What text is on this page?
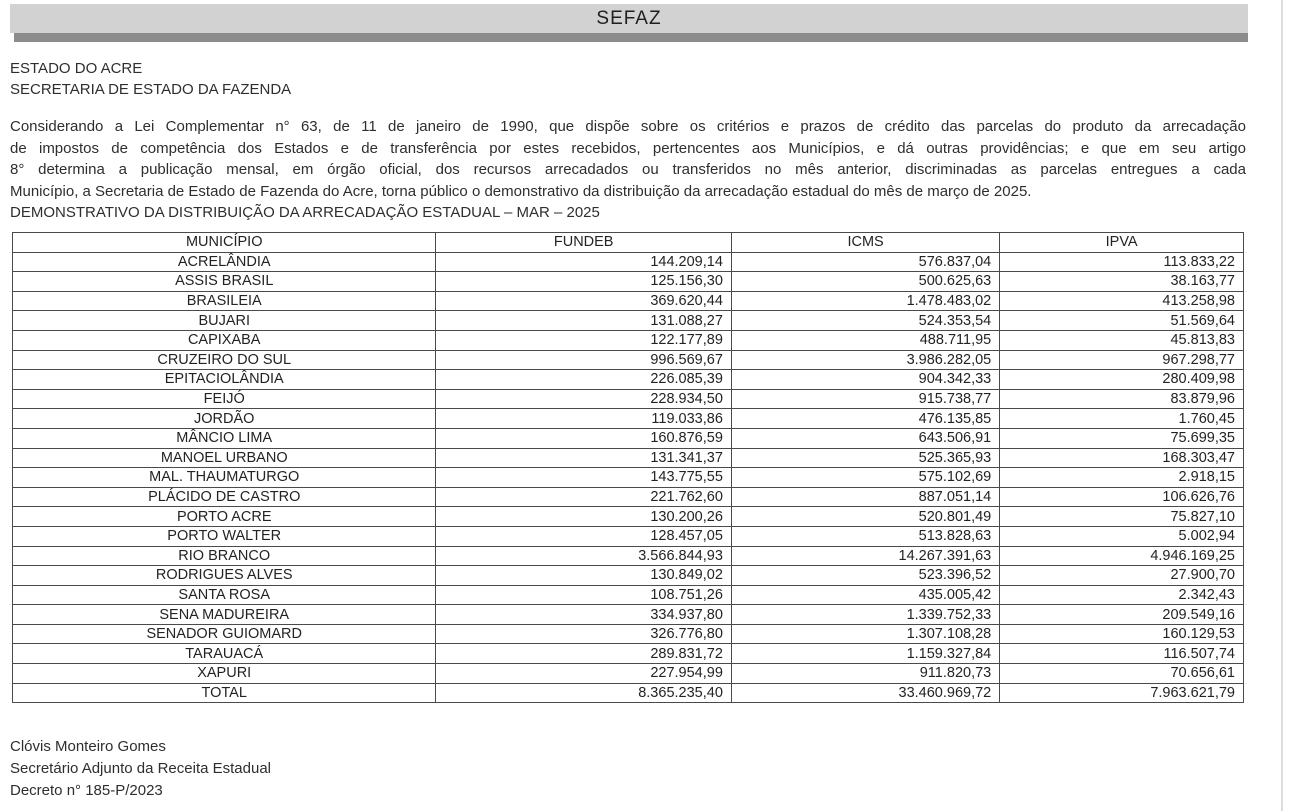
SEFAZ
ESTADO DO ACRE
SECRETARIA DE ESTADO DA FAZENDA
Considerando a Lei Complementar n° 63, de 11 de janeiro de 1990, que dispõe sobre os critérios e prazos de crédito das parcelas do produto da arrecadação
de impostos de competência dos Estados e de transferência por estes recebidos, pertencentes aos Municípios, e dá outras providências; e que em seu artigo
8° determina a publicação mensal, em órgão oficial, dos recursos arrecadados ou transferidos no mês anterior, discriminadas as parcelas entregues a cada
Município, a Secretaria de Estado de Fazenda do Acre, torna público o demonstrativo da distribuição da arrecadação estadual do mês de março de 2025.
DEMONSTRATIVO DA DISTRIBUIÇÃO DA ARRECADAÇÃO ESTADUAL – MAR – 2025
MUNICÍPIO	FUNDEB	ICMS	IPVA
ACRELÂNDIA	144.209,14	576.837,04	113.833,22
ASSIS BRASIL	125.156,30	500.625,63	38.163,77
BRASILEIA	369.620,44	1.478.483,02	413.258,98
BUJARI	131.088,27	524.353,54	51.569,64
CAPIXABA	122.177,89	488.711,95	45.813,83
CRUZEIRO DO SUL	996.569,67	3.986.282,05	967.298,77
EPITACIOLÂNDIA	226.085,39	904.342,33	280.409,98
FEIJÓ	228.934,50	915.738,77	83.879,96
JORDÃO	119.033,86	476.135,85	1.760,45
MÂNCIO LIMA	160.876,59	643.506,91	75.699,35
MANOEL URBANO	131.341,37	525.365,93	168.303,47
MAL. THAUMATURGO	143.775,55	575.102,69	2.918,15
PLÁCIDO DE CASTRO	221.762,60	887.051,14	106.626,76
PORTO ACRE	130.200,26	520.801,49	75.827,10
PORTO WALTER	128.457,05	513.828,63	5.002,94
RIO BRANCO	3.566.844,93	14.267.391,63	4.946.169,25
RODRIGUES ALVES	130.849,02	523.396,52	27.900,70
SANTA ROSA	108.751,26	435.005,42	2.342,43
SENA MADUREIRA	334.937,80	1.339.752,33	209.549,16
SENADOR GUIOMARD	326.776,80	1.307.108,28	160.129,53
TARAUACÁ	289.831,72	1.159.327,84	116.507,74
XAPURI	227.954,99	911.820,73	70.656,61
TOTAL	8.365.235,40	33.460.969,72	7.963.621,79
Clóvis Monteiro Gomes
Secretário Adjunto da Receita Estadual
Decreto n° 185-P/2023
